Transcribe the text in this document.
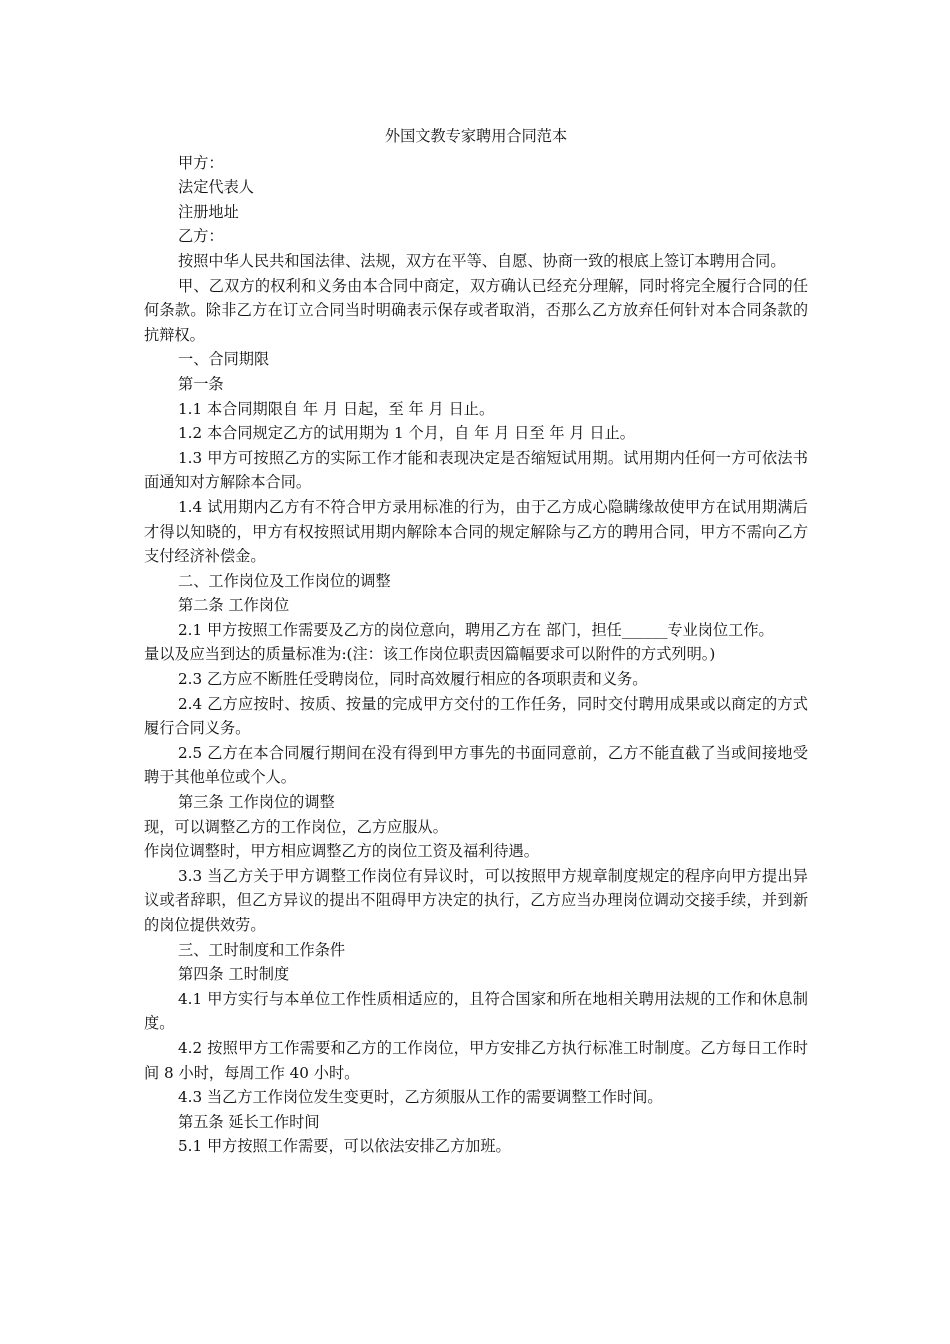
外国文教专家聘用合同范本

甲方：

法定代表人

注册地址

乙方：

按照中华人民共和国法律、法规，双方在平等、自愿、协商一致的根底上签订本聘用合同。

甲、乙双方的权利和义务由本合同中商定，双方确认已经充分理解，同时将完全履行合同的任何条款。除非乙方在订立合同当时明确表示保存或者取消，否那么乙方放弃任何针对本合同条款的抗辩权。

一、合同期限

第一条

1.1 本合同期限自 年 月 日起，至 年 月 日止。

1.2 本合同规定乙方的试用期为 1 个月，自 年 月 日至 年 月 日止。

1.3 甲方可按照乙方的实际工作才能和表现决定是否缩短试用期。试用期内任何一方可依法书面通知对方解除本合同。

1.4 试用期内乙方有不符合甲方录用标准的行为，由于乙方成心隐瞒缘故使甲方在试用期满后才得以知晓的，甲方有权按照试用期内解除本合同的规定解除与乙方的聘用合同，甲方不需向乙方支付经济补偿金。

二、工作岗位及工作岗位的调整

第二条 工作岗位

2.1 甲方按照工作需要及乙方的岗位意向，聘用乙方在 部门，担任______专业岗位工作。

量以及应当到达的质量标准为:(注：该工作岗位职责因篇幅要求可以附件的方式列明。)

2.3 乙方应不断胜任受聘岗位，同时高效履行相应的各项职责和义务。

2.4 乙方应按时、按质、按量的完成甲方交付的工作任务，同时交付聘用成果或以商定的方式履行合同义务。

2.5 乙方在本合同履行期间在没有得到甲方事先的书面同意前，乙方不能直截了当或间接地受聘于其他单位或个人。

第三条 工作岗位的调整

现，可以调整乙方的工作岗位，乙方应服从。

作岗位调整时，甲方相应调整乙方的岗位工资及福利待遇。

3.3 当乙方关于甲方调整工作岗位有异议时，可以按照甲方规章制度规定的程序向甲方提出异议或者辞职，但乙方异议的提出不阻碍甲方决定的执行，乙方应当办理岗位调动交接手续，并到新的岗位提供效劳。

三、工时制度和工作条件

第四条 工时制度

4.1 甲方实行与本单位工作性质相适应的，且符合国家和所在地相关聘用法规的工作和休息制度。

4.2 按照甲方工作需要和乙方的工作岗位，甲方安排乙方执行标准工时制度。乙方每日工作时间 8 小时，每周工作 40 小时。

4.3 当乙方工作岗位发生变更时，乙方须服从工作的需要调整工作时间。

第五条 延长工作时间

5.1 甲方按照工作需要，可以依法安排乙方加班。
